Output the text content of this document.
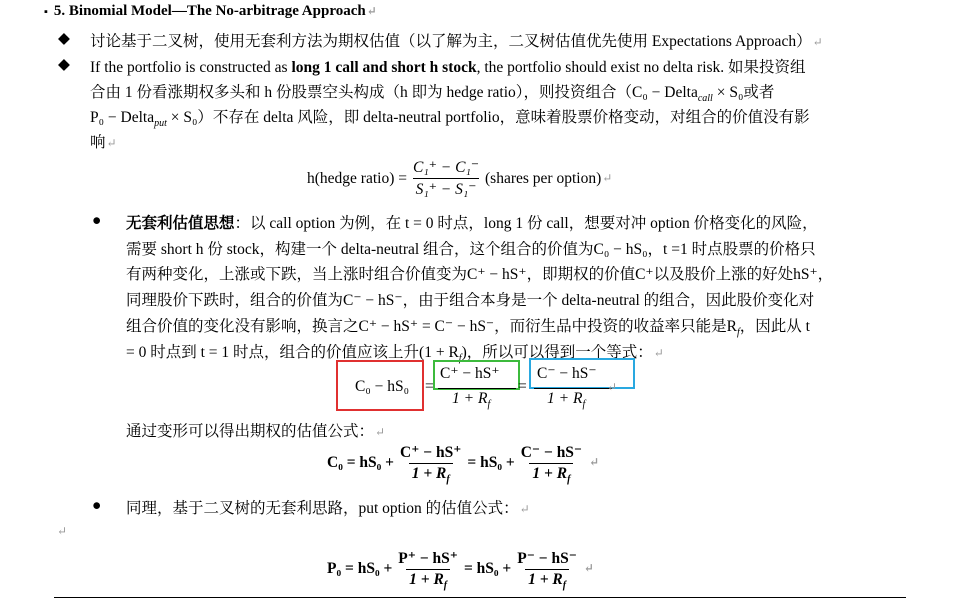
▪ 5. Binomial Model—The No-arbitrage Approach↵
◆ 讨论基于二叉树，使用无套利方法为期权估值（以了解为主，二叉树估值优先使用 Expectations Approach）↵
◆ If the portfolio is constructed as long 1 call and short h stock, the portfolio should exist no delta risk. 如果投资组
合由 1 份看涨期权多头和 h 份股票空头构成（h 即为 hedge ratio），则投资组合（C₀ − Delta$_{call}$ × S₀或者
P₀ − Delta$_{put}$ × S₀）不存在 delta 风险，即 delta-neutral portfolio，意味着股票价格变动，对组合的价值没有影
响↵
h(hedge ratio) = $\frac{\text{C₁⁺ − C₁⁻}}{\text{S₁⁺ − S₁⁻}}$ (shares per option) ↵
● 无套利估值思想：以 call option 为例，在 t = 0 时点，long 1 份 call，想要对冲 option 价格变化的风险，
需要 short h 份 stock，构建一个 delta-neutral 组合，这个组合的价值为C₀ − hS₀，t =1 时点股票的价格只
有两种变化，上涨或下跌，当上涨时组合价值变为C⁺ − hS⁺，即期权的价值C⁺以及股价上涨的好处hS⁺，
同理股价下跌时，组合的价值为C⁻ − hS⁻，由于组合本身是一个 delta-neutral 的组合，因此股价变化对
组合价值的变化没有影响，换言之C⁺ − hS⁺ = C⁻ − hS⁻，而衍生品中投资的收益率只能是$R_f$，因此从 t
= 0 时点到 t = 1 时点，组合的价值应该上升$(1 + R_f)$，所以可以得到一个等式：↵
C₀ − hS₀ =
C⁺ − hS⁺
$1 + R_f$
=
C⁻ − hS⁻
$1 + R_f$
↵
通过变形可以得出期权的估值公式：↵
$C_0 = hS_0 + \frac{C^+ - hS^+}{1 + R_f} = hS_0 + \frac{C^- - hS^-}{1 + R_f}$ ↵
● 同理，基于二叉树的无套利思路，put option 的估值公式：↵
↵
$P_0 = hS_0 + \frac{P^+ - hS^+}{1 + R_f} = hS_0 + \frac{P^- - hS^-}{1 + R_f}$ ↵
